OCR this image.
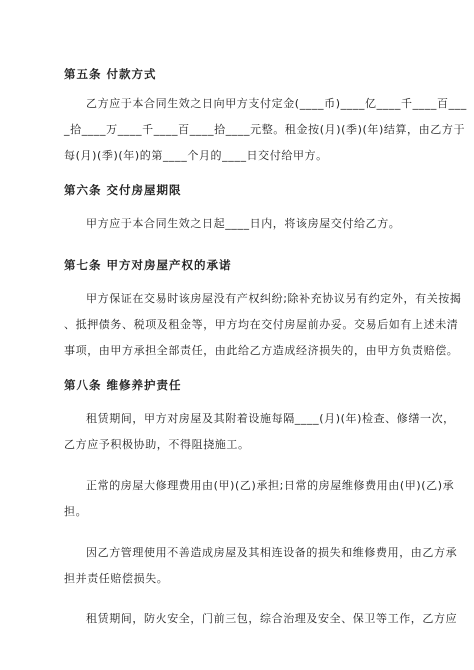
第五条 付款方式
乙方应于本合同生效之日向甲方支付定金(____币)____亿____千____百___
_拾____万____千____百____拾____元整。租金按(月)(季)(年)结算，由乙方于
每(月)(季)(年)的第____个月的____日交付给甲方。
第六条 交付房屋期限
甲方应于本合同生效之日起____日内，将该房屋交付给乙方。
第七条 甲方对房屋产权的承诺
甲方保证在交易时该房屋没有产权纠纷;除补充协议另有约定外，有关按揭
、抵押债务、税项及租金等，甲方均在交付房屋前办妥。交易后如有上述未清
事项，由甲方承担全部责任，由此给乙方造成经济损失的，由甲方负责赔偿。
第八条 维修养护责任
租赁期间，甲方对房屋及其附着设施每隔____(月)(年)检查、修缮一次，
乙方应予积极协助，不得阻挠施工。
正常的房屋大修理费用由(甲)(乙)承担;日常的房屋维修费用由(甲)(乙)承
担。
因乙方管理使用不善造成房屋及其相连设备的损失和维修费用，由乙方承
担并责任赔偿损失。
租赁期间，防火安全，门前三包，综合治理及安全、保卫等工作，乙方应
